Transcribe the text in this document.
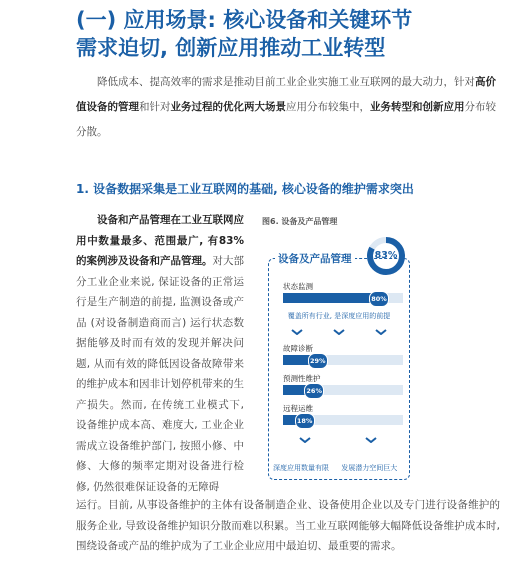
(一) 应用场景: 核心设备和关键环节
需求迫切, 创新应用推动工业转型
降低成本、提高效率的需求是推动目前工业企业实施工业互联网的最大动力，针对高价值设备的管理和针对业务过程的优化两大场景应用分布较集中，业务转型和创新应用分布较分散。
1. 设备数据采集是工业互联网的基础, 核心设备的维护需求突出
设备和产品管理在工业互联网应用中数量最多、范围最广, 有83%的案例涉及设备和产品管理。对大部分工业企业来说, 保证设备的正常运行是生产制造的前提, 监测设备或产品 (对设备制造商而言) 运行状态数据能够及时而有效的发现并解决问题, 从而有效的降低因设备故障带来的维护成本和因非计划停机带来的生产损失。然而, 在传统工业模式下, 设备维护成本高、难度大, 工业企业需成立设备维护部门, 按照小修、中修、大修的频率定期对设备进行检修, 仍然很难保证设备的无障碍
运行。目前, 从事设备维护的主体有设备制造企业、设备使用企业以及专门进行设备维护的服务企业, 导致设备维护知识分散而难以积累。当工业互联网能够大幅降低设备维护成本时, 围绕设备或产品的维护成为了工业企业应用中最迫切、最重要的需求。
图6. 设备及产品管理
83%
设备及产品管理
状态监测
80%
覆盖所有行业, 是深度应用的前提
故障诊断
29%
预测性维护
26%
远程运维
18%
深度应用数量有限 发展潜力空间巨大
